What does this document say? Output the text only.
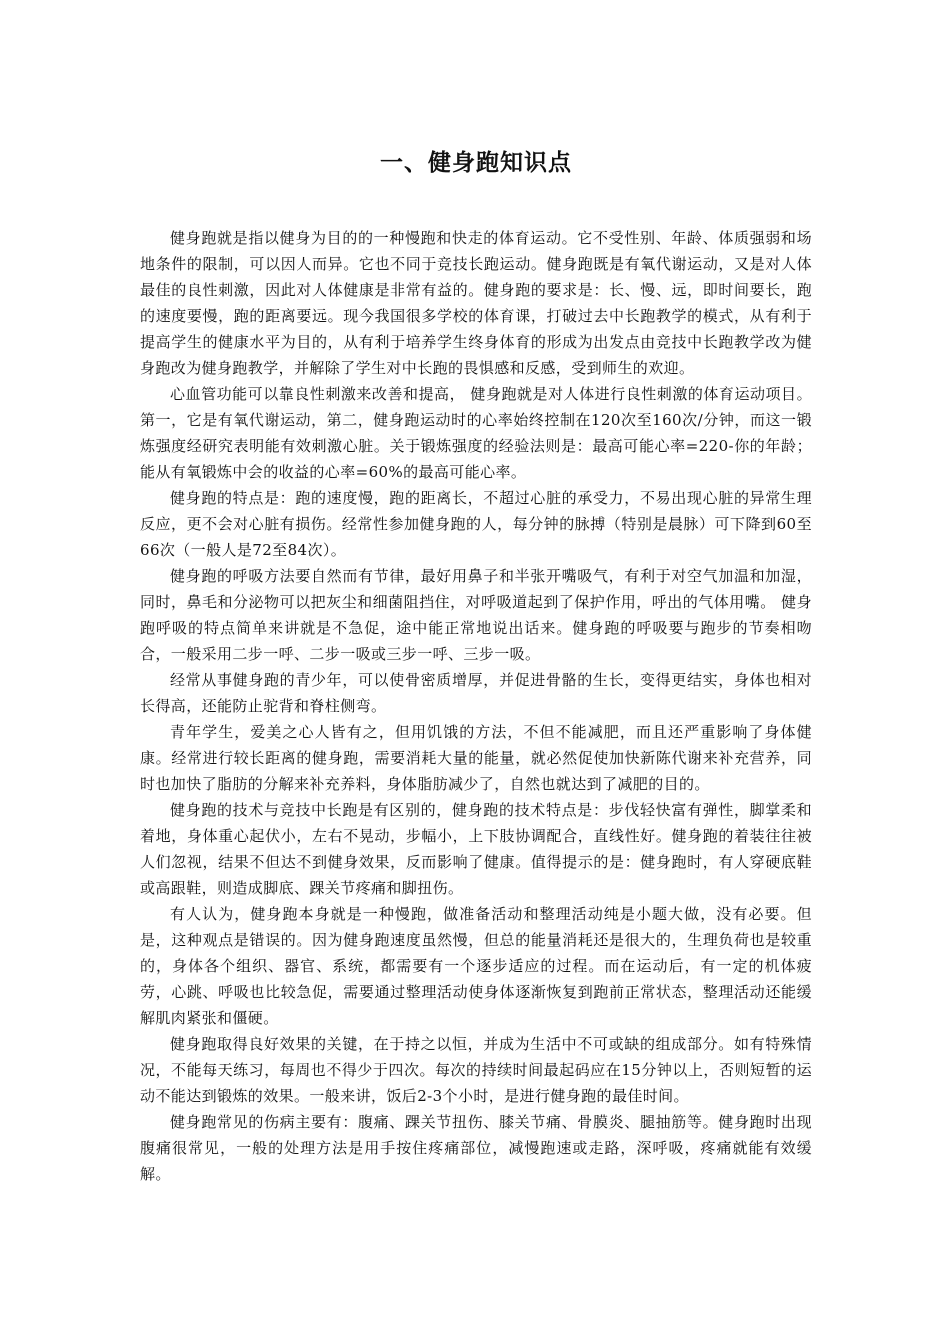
一、健身跑知识点

健身跑就是指以健身为目的的一种慢跑和快走的体育运动。它不受性别、年龄、体质强弱和场地条件的限制，可以因人而异。它也不同于竞技长跑运动。健身跑既是有氧代谢运动，又是对人体最佳的良性刺激，因此对人体健康是非常有益的。健身跑的要求是：长、慢、远，即时间要长，跑的速度要慢，跑的距离要远。现今我国很多学校的体育课，打破过去中长跑教学的模式，从有利于提高学生的健康水平为目的，从有利于培养学生终身体育的形成为出发点由竞技中长跑教学改为健身跑改为健身跑教学，并解除了学生对中长跑的畏惧感和反感，受到师生的欢迎。

心血管功能可以靠良性刺激来改善和提高， 健身跑就是对人体进行良性刺激的体育运动项目。第一，它是有氧代谢运动，第二，健身跑运动时的心率始终控制在120次至160次/分钟，而这一锻炼强度经研究表明能有效刺激心脏。关于锻炼强度的经验法则是：最高可能心率=220-你的年龄；能从有氧锻炼中会的收益的心率=60%的最高可能心率。

健身跑的特点是：跑的速度慢，跑的距离长，不超过心脏的承受力，不易出现心脏的异常生理反应，更不会对心脏有损伤。经常性参加健身跑的人，每分钟的脉搏（特别是晨脉）可下降到60至66次（一般人是72至84次）。

健身跑的呼吸方法要自然而有节律，最好用鼻子和半张开嘴吸气，有利于对空气加温和加湿，同时，鼻毛和分泌物可以把灰尘和细菌阻挡住，对呼吸道起到了保护作用，呼出的气体用嘴。 健身跑呼吸的特点简单来讲就是不急促，途中能正常地说出话来。健身跑的呼吸要与跑步的节奏相吻合，一般采用二步一呼、二步一吸或三步一呼、三步一吸。

经常从事健身跑的青少年，可以使骨密质增厚，并促进骨骼的生长，变得更结实，身体也相对长得高，还能防止驼背和脊柱侧弯。

青年学生，爱美之心人皆有之，但用饥饿的方法，不但不能减肥，而且还严重影响了身体健康。经常进行较长距离的健身跑，需要消耗大量的能量，就必然促使加快新陈代谢来补充营养，同时也加快了脂肪的分解来补充养料，身体脂肪减少了，自然也就达到了减肥的目的。

健身跑的技术与竞技中长跑是有区别的，健身跑的技术特点是：步伐轻快富有弹性，脚掌柔和着地，身体重心起伏小，左右不晃动，步幅小，上下肢协调配合，直线性好。健身跑的着装往往被人们忽视，结果不但达不到健身效果，反而影响了健康。值得提示的是：健身跑时，有人穿硬底鞋或高跟鞋，则造成脚底、踝关节疼痛和脚扭伤。

有人认为，健身跑本身就是一种慢跑，做准备活动和整理活动纯是小题大做，没有必要。但是，这种观点是错误的。因为健身跑速度虽然慢，但总的能量消耗还是很大的，生理负荷也是较重的，身体各个组织、器官、系统，都需要有一个逐步适应的过程。而在运动后，有一定的机体疲劳，心跳、呼吸也比较急促，需要通过整理活动使身体逐渐恢复到跑前正常状态，整理活动还能缓解肌肉紧张和僵硬。

健身跑取得良好效果的关键，在于持之以恒，并成为生活中不可或缺的组成部分。如有特殊情况，不能每天练习，每周也不得少于四次。每次的持续时间最起码应在15分钟以上，否则短暂的运动不能达到锻炼的效果。一般来讲，饭后2-3个小时，是进行健身跑的最佳时间。

健身跑常见的伤病主要有：腹痛、踝关节扭伤、膝关节痛、骨膜炎、腿抽筋等。健身跑时出现腹痛很常见，一般的处理方法是用手按住疼痛部位，减慢跑速或走路，深呼吸，疼痛就能有效缓解。
